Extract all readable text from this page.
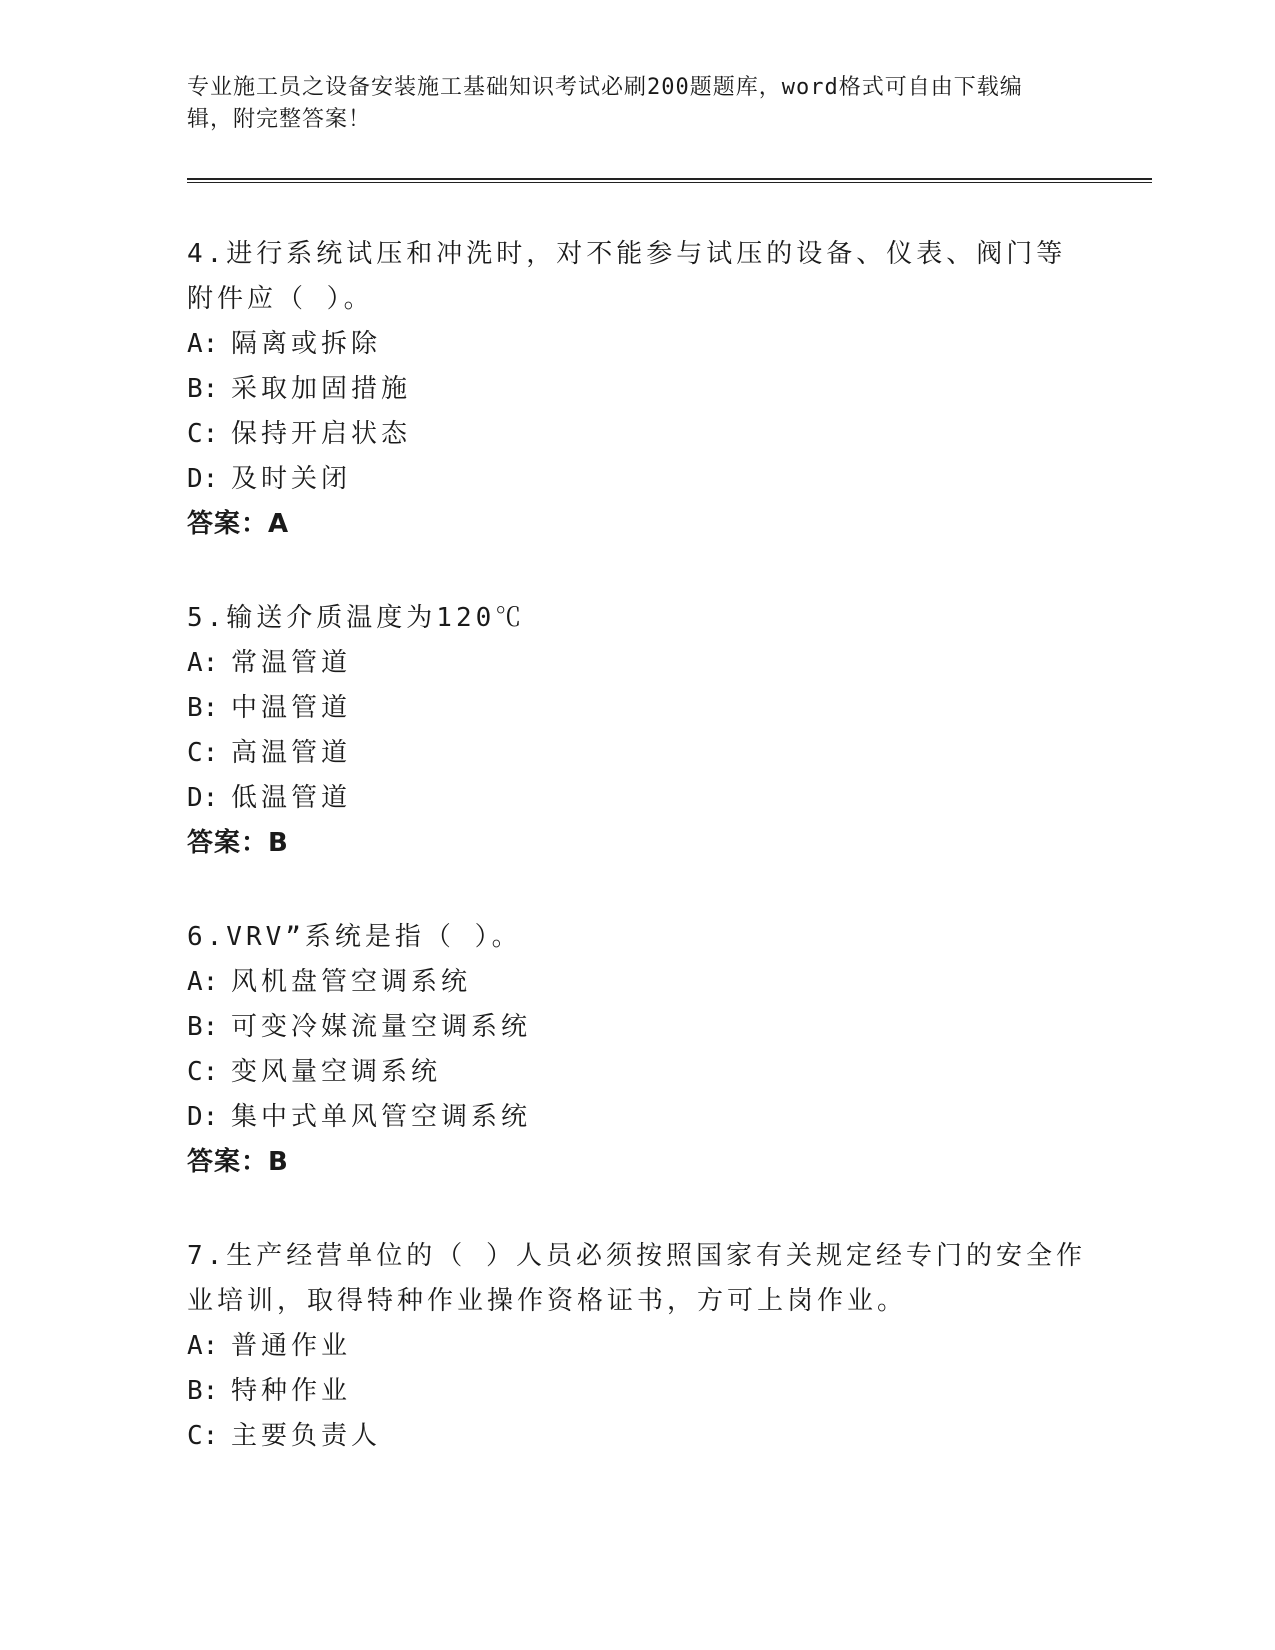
专业施工员之设备安装施工基础知识考试必刷200题题库，word格式可自由下载编辑，附完整答案！

4.进行系统试压和冲洗时，对不能参与试压的设备、仪表、阀门等附件应（ ）。

A: 隔离或拆除

B: 采取加固措施

C: 保持开启状态

D: 及时关闭

答案：A

5.输送介质温度为120℃

A: 常温管道

B: 中温管道

C: 高温管道

D: 低温管道

答案：B

6.VRV”系统是指（ ）。

A: 风机盘管空调系统

B: 可变冷媒流量空调系统

C: 变风量空调系统

D: 集中式单风管空调系统

答案：B

7.生产经营单位的（ ）人员必须按照国家有关规定经专门的安全作业培训，取得特种作业操作资格证书，方可上岗作业。

A: 普通作业

B: 特种作业

C: 主要负责人
